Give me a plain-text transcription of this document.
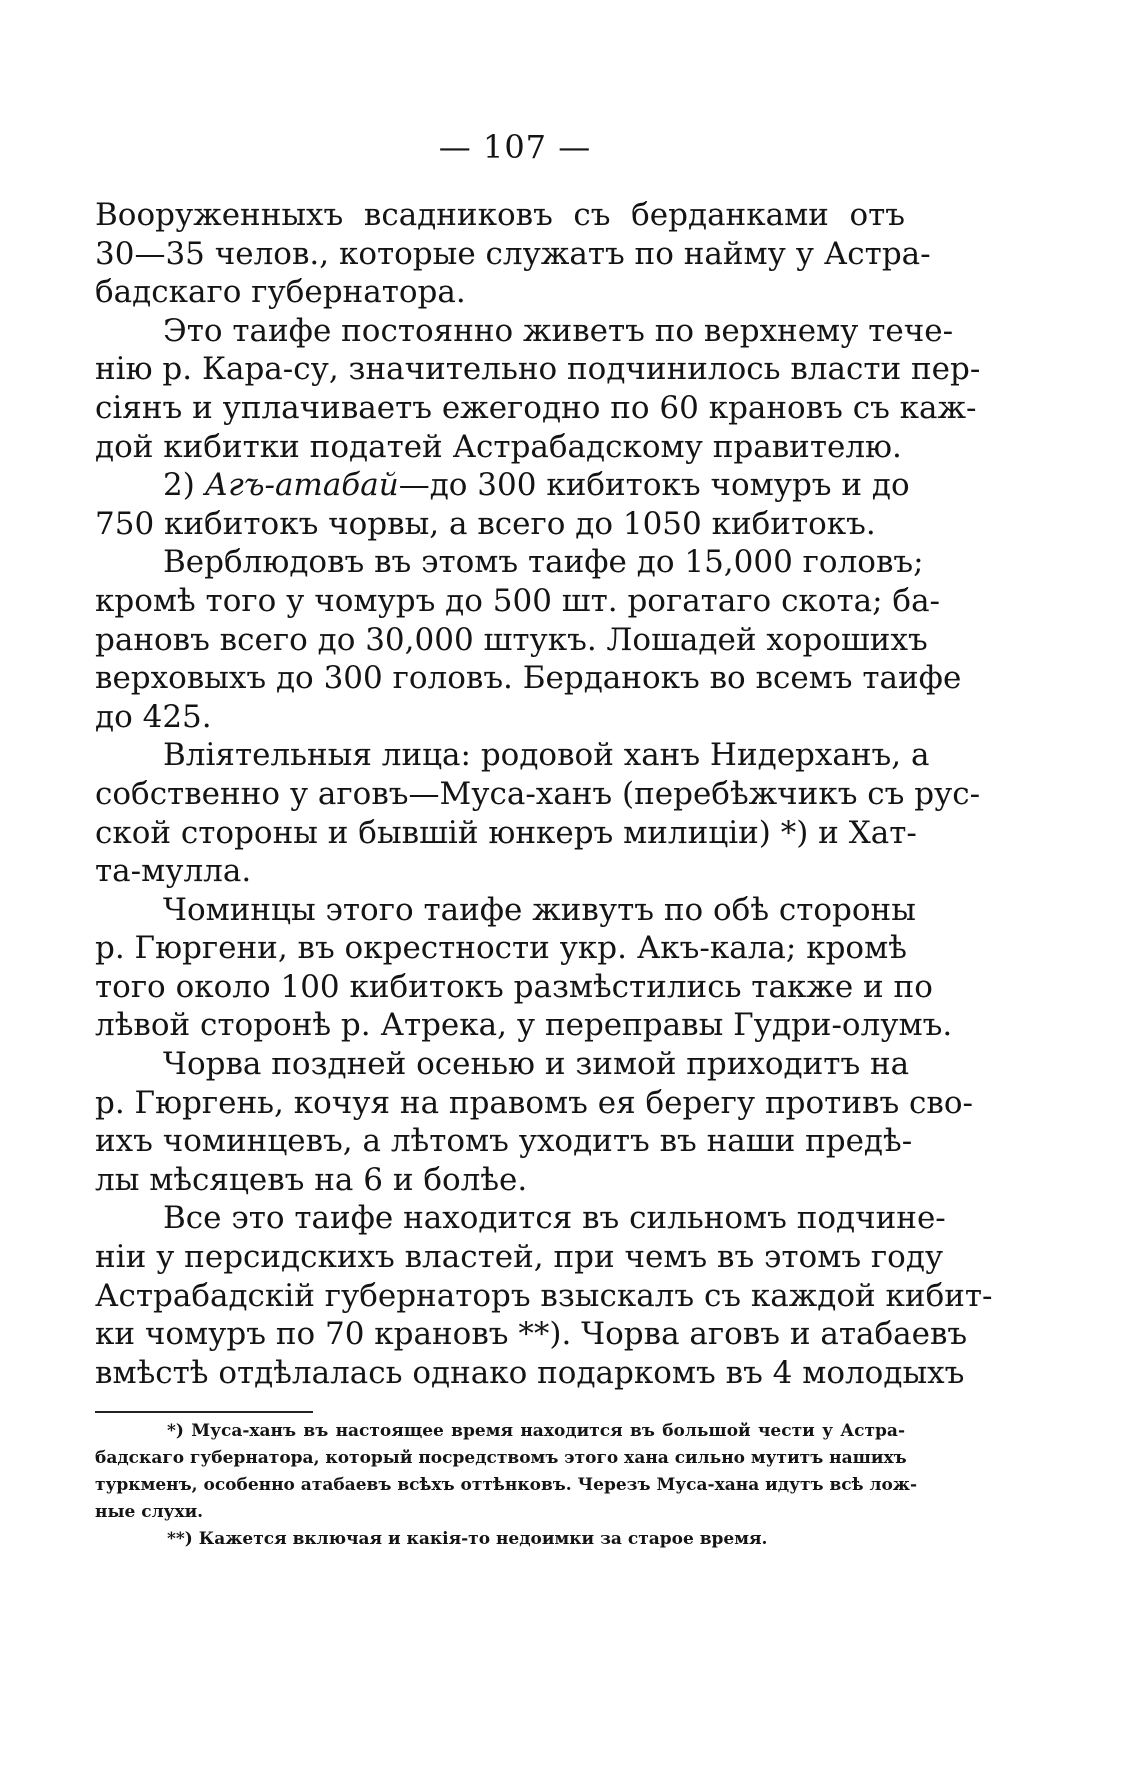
— 107 —
Вооруженныхъ всадниковъ съ берданками отъ
30—35 челов., которые служатъ по найму у Астра-
бадскаго губернатора.
Это таифе постоянно живетъ по верхнему тече-
нію р. Кара-су, значительно подчинилось власти пер-
сіянъ и уплачиваетъ ежегодно по 60 крановъ съ каж-
дой кибитки податей Астрабадскому правителю.
2) Агъ-атабай—до 300 кибитокъ чомуръ и до
750 кибитокъ чорвы, а всего до 1050 кибитокъ.
Верблюдовъ въ этомъ таифе до 15,000 головъ;
кромѣ того у чомуръ до 500 шт. рогатаго скота; ба-
рановъ всего до 30,000 штукъ. Лошадей хорошихъ
верховыхъ до 300 головъ. Берданокъ во всемъ таифе
до 425.
Вліятельныя лица: родовой ханъ Нидерханъ, а
собственно у аговъ—Муса-ханъ (перебѣжчикъ съ рус-
ской стороны и бывшій юнкеръ милиціи) *) и Хат-
та-мулла.
Чоминцы этого таифе живутъ по обѣ стороны
р. Гюргени, въ окрестности укр. Акъ-кала; кромѣ
того около 100 кибитокъ размѣстились также и по
лѣвой сторонѣ р. Атрека, у переправы Гудри-олумъ.
Чорва поздней осенью и зимой приходитъ на
р. Гюргень, кочуя на правомъ ея берегу противъ сво-
ихъ чоминцевъ, а лѣтомъ уходитъ въ наши предѣ-
лы мѣсяцевъ на 6 и болѣе.
Все это таифе находится въ сильномъ подчине-
ніи у персидскихъ властей, при чемъ въ этомъ году
Астрабадскій губернаторъ взыскалъ съ каждой кибит-
ки чомуръ по 70 крановъ **). Чорва аговъ и атабаевъ
вмѣстѣ отдѣлалась однако подаркомъ въ 4 молодыхъ
*) Муса-ханъ въ настоящее время находится въ большой чести у Астра-
бадскаго губернатора, который посредствомъ этого хана сильно мутитъ нашихъ
туркменъ, особенно атабаевъ всѣхъ оттѣнковъ. Черезъ Муса-хана идутъ всѣ лож-
ные слухи.
**) Кажется включая и какія-то недоимки за старое время.
